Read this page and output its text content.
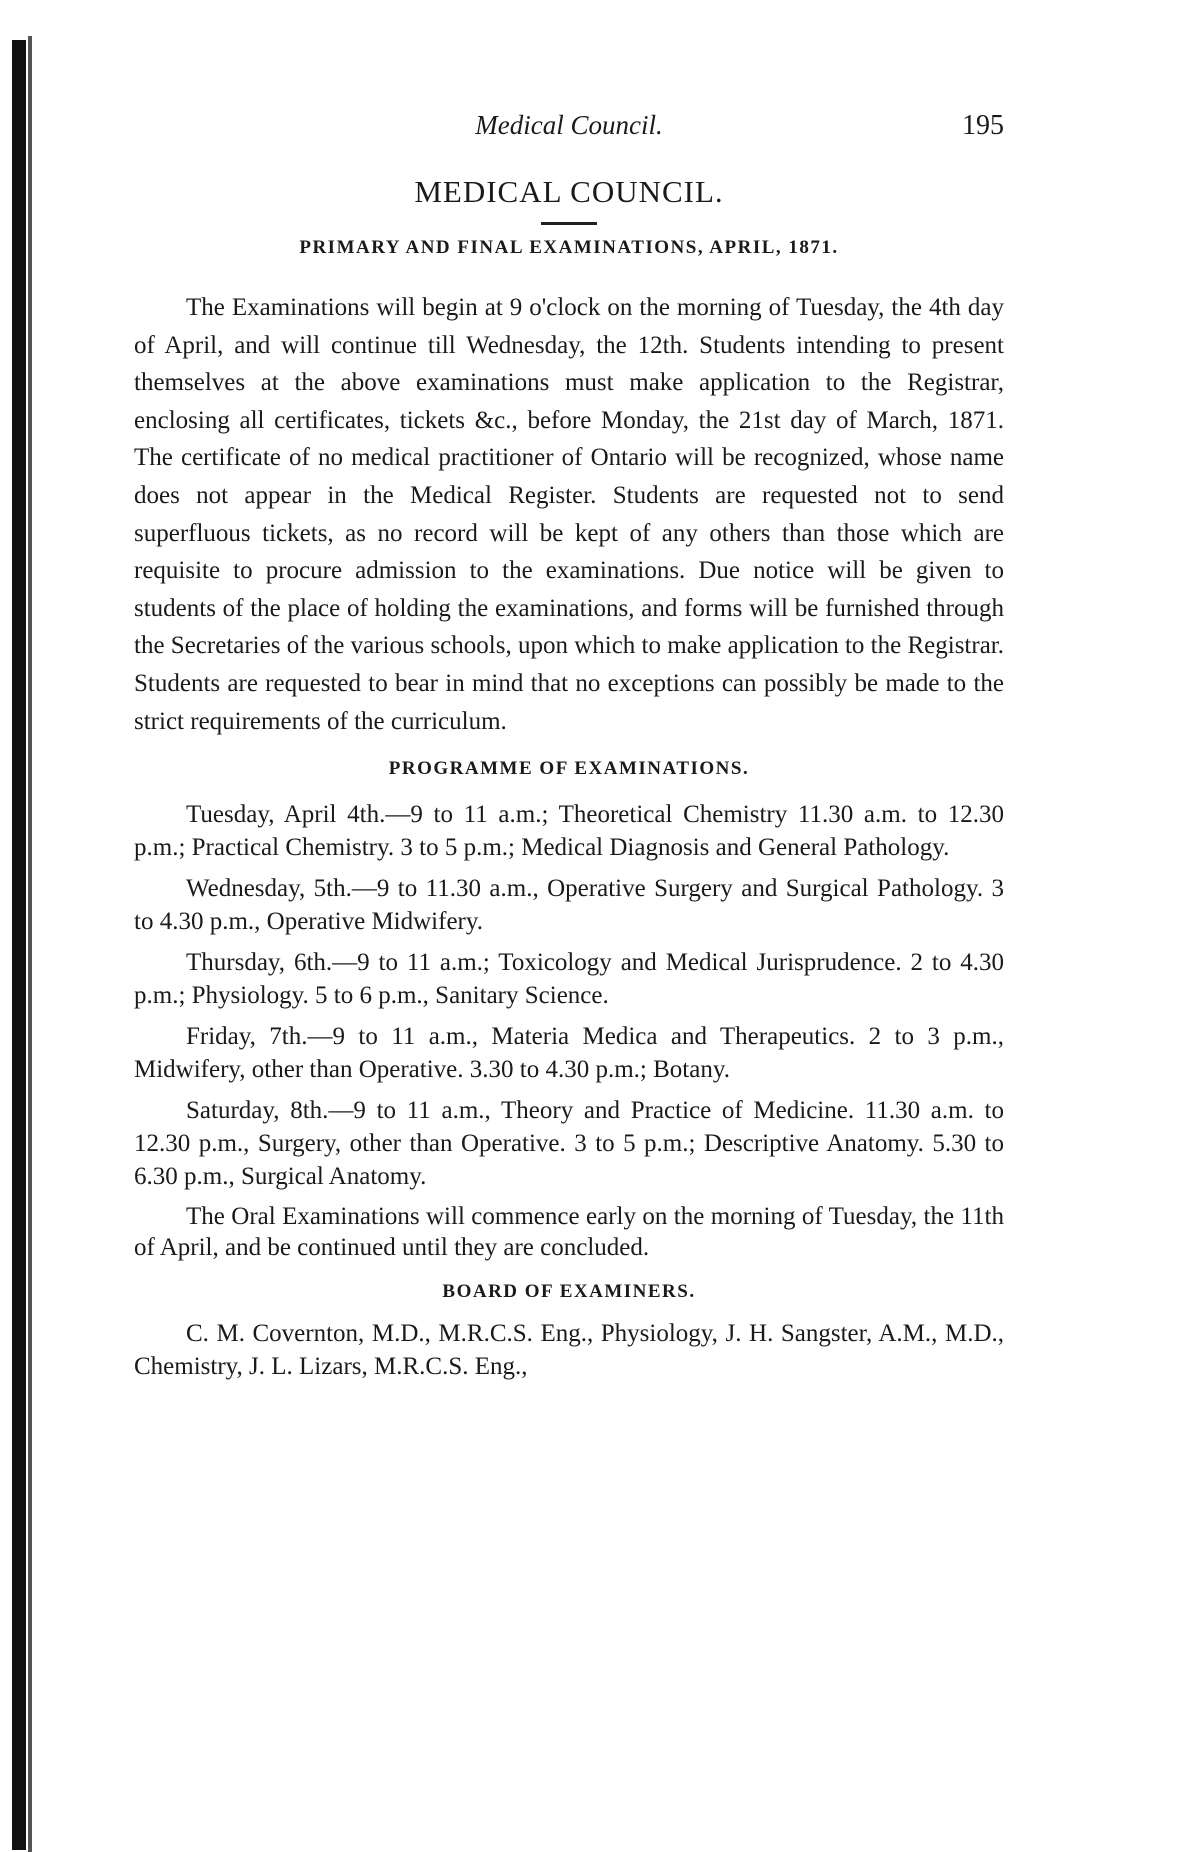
Medical Council.	195
MEDICAL COUNCIL.
PRIMARY AND FINAL EXAMINATIONS, APRIL, 1871.

The Examinations will begin at 9 o'clock on the morning of Tuesday, the 4th day of April, and will continue till Wednesday, the 12th. Students intending to present themselves at the above examinations must make application to the Registrar, enclosing all certificates, tickets &c., before Monday, the 21st day of March, 1871. The certificate of no medical practitioner of Ontario will be recognized, whose name does not appear in the Medical Register. Students are requested not to send superfluous tickets, as no record will be kept of any others than those which are requisite to procure admission to the examinations. Due notice will be given to students of the place of holding the examinations, and forms will be furnished through the Secretaries of the various schools, upon which to make application to the Registrar. Students are requested to bear in mind that no exceptions can possibly be made to the strict requirements of the curriculum.

PROGRAMME OF EXAMINATIONS.

Tuesday, April 4th.—9 to 11 a.m.; Theoretical Chemistry 11.30 a.m. to 12.30 p.m.; Practical Chemistry. 3 to 5 p.m.; Medical Diagnosis and General Pathology.

Wednesday, 5th.—9 to 11.30 a.m., Operative Surgery and Surgical Pathology. 3 to 4.30 p.m., Operative Midwifery.

Thursday, 6th.—9 to 11 a.m.; Toxicology and Medical Jurisprudence. 2 to 4.30 p.m.; Physiology. 5 to 6 p.m., Sanitary Science.

Friday, 7th.—9 to 11 a.m., Materia Medica and Therapeutics. 2 to 3 p.m., Midwifery, other than Operative. 3.30 to 4.30 p.m.; Botany.

Saturday, 8th.—9 to 11 a.m., Theory and Practice of Medicine. 11.30 a.m. to 12.30 p.m., Surgery, other than Operative. 3 to 5 p.m.; Descriptive Anatomy. 5.30 to 6.30 p.m., Surgical Anatomy.

The Oral Examinations will commence early on the morning of Tuesday, the 11th of April, and be continued until they are concluded.

BOARD OF EXAMINERS.

C. M. Covernton, M.D., M.R.C.S. Eng., Physiology, J. H. Sangster, A.M., M.D., Chemistry, J. L. Lizars, M.R.C.S. Eng.,
